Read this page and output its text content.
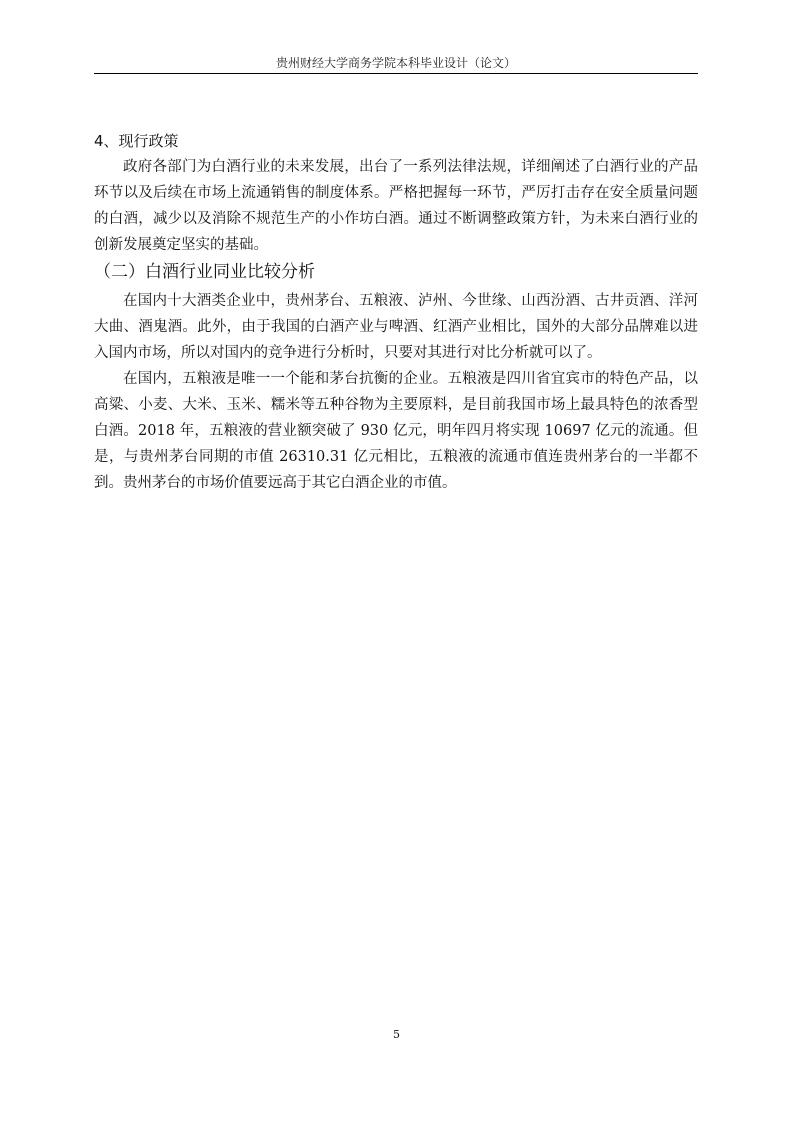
贵州财经大学商务学院本科毕业设计（论文）

4、现行政策

政府各部门为白酒行业的未来发展，出台了一系列法律法规，详细阐述了白酒行业的产品环节以及后续在市场上流通销售的制度体系。严格把握每一环节，严厉打击存在安全质量问题的白酒，减少以及消除不规范生产的小作坊白酒。通过不断调整政策方针，为未来白酒行业的创新发展奠定坚实的基础。

（二）白酒行业同业比较分析

在国内十大酒类企业中，贵州茅台、五粮液、泸州、今世缘、山西汾酒、古井贡酒、洋河大曲、酒鬼酒。此外，由于我国的白酒产业与啤酒、红酒产业相比，国外的大部分品牌难以进入国内市场，所以对国内的竞争进行分析时，只要对其进行对比分析就可以了。

在国内，五粮液是唯一一个能和茅台抗衡的企业。五粮液是四川省宜宾市的特色产品，以高粱、小麦、大米、玉米、糯米等五种谷物为主要原料，是目前我国市场上最具特色的浓香型白酒。2018 年，五粮液的营业额突破了 930 亿元，明年四月将实现 10697 亿元的流通。但是，与贵州茅台同期的市值 26310.31 亿元相比，五粮液的流通市值连贵州茅台的一半都不到。贵州茅台的市场价值要远高于其它白酒企业的市值。

5
